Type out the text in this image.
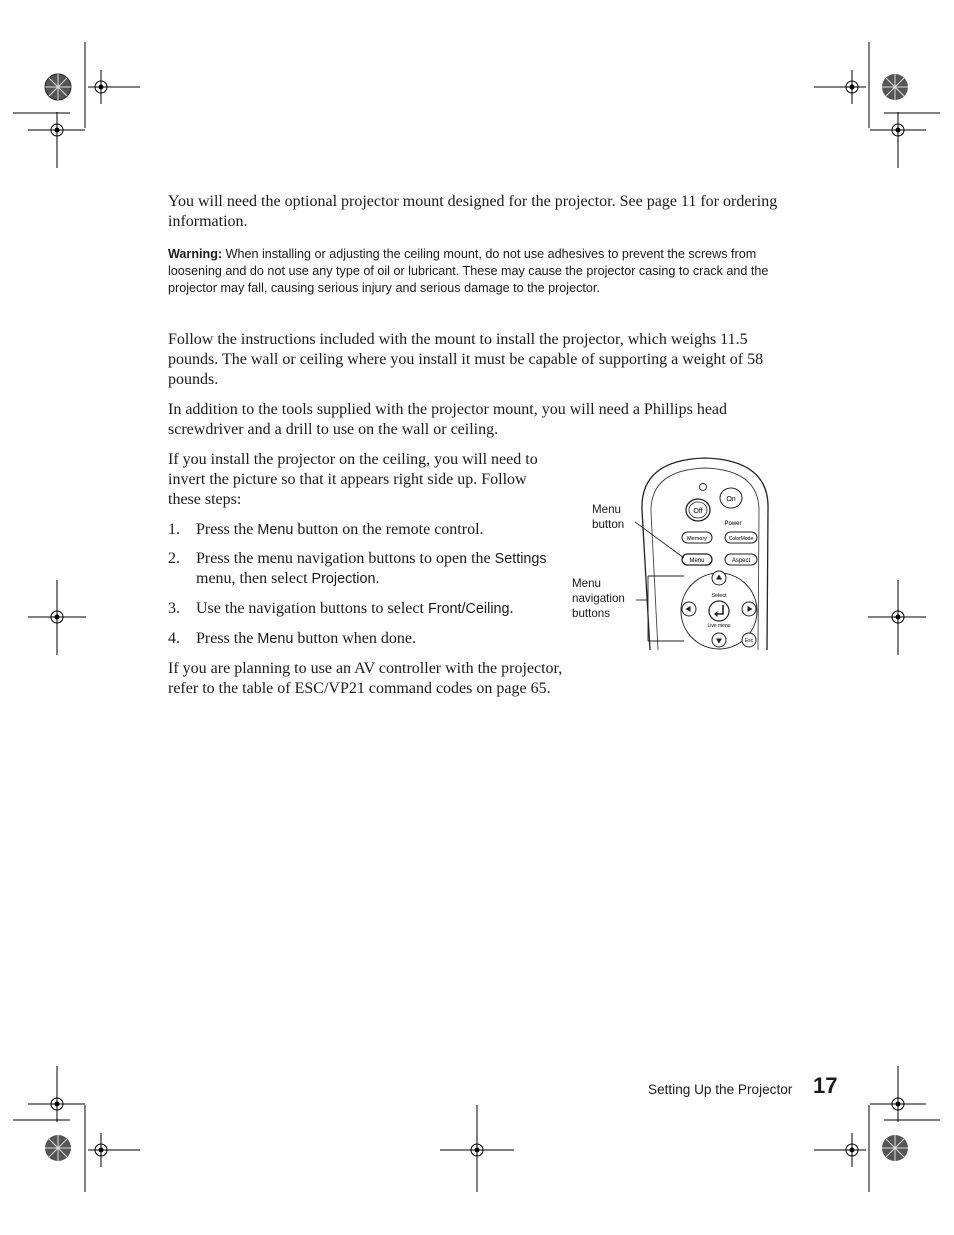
You will need the optional projector mount designed for the projector. See page 11 for ordering information.

Warning: When installing or adjusting the ceiling mount, do not use adhesives to prevent the screws from loosening and do not use any type of oil or lubricant. These may cause the projector casing to crack and the projector may fall, causing serious injury and serious damage to the projector.

Follow the instructions included with the mount to install the projector, which weighs 11.5 pounds. The wall or ceiling where you install it must be capable of supporting a weight of 58 pounds.

In addition to the tools supplied with the projector mount, you will need a Phillips head screwdriver and a drill to use on the wall or ceiling.

If you install the projector on the ceiling, you will need to invert the picture so that it appears right side up. Follow these steps:

1.	Press the Menu button on the remote control.
2.	Press the menu navigation buttons to open the Settings menu, then select Projection.
3.	Use the navigation buttons to select Front/Ceiling.
4.	Press the Menu button when done.

If you are planning to use an AV controller with the projector, refer to the table of ESC/VP21 command codes on page 65.

On
Off
Power
Memory	ColorMode
Menu	Aspect
Select
Live menu
Esc
Menu
button
Menu
navigation
buttons
Setting Up the Projector 17
